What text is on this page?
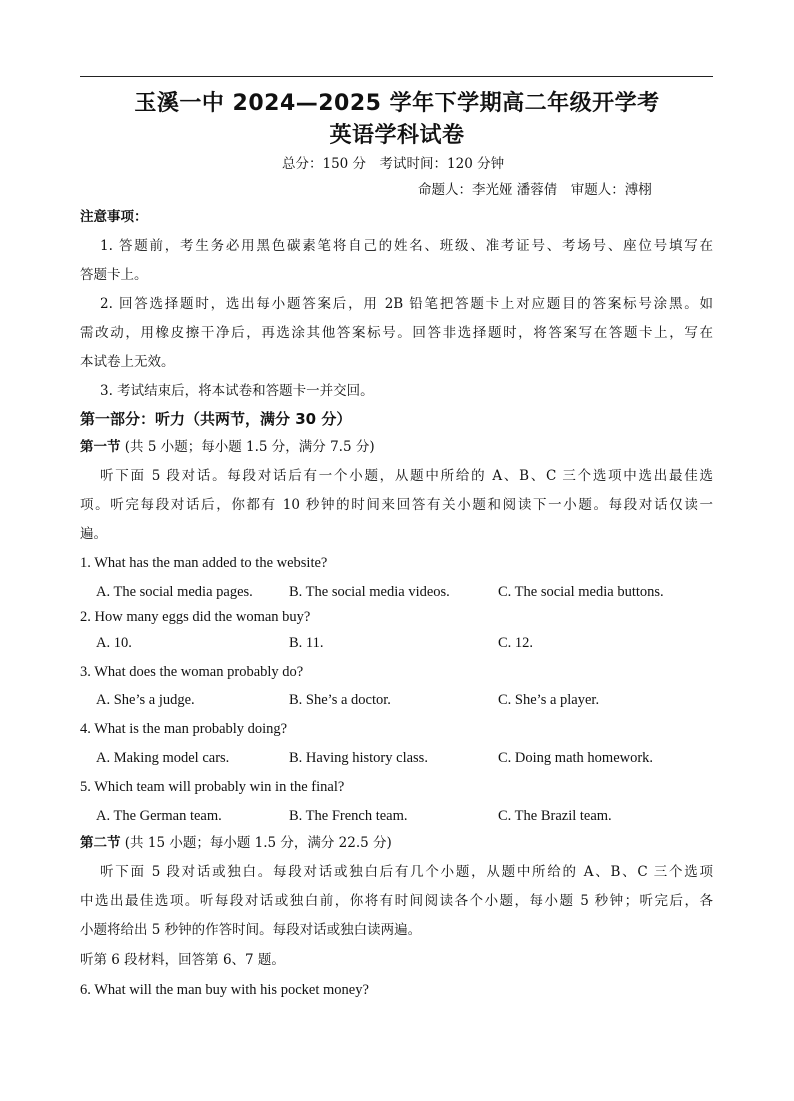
玉溪一中 2024—2025 学年下学期高二年级开学考
英语学科试卷
总分：150 分　考试时间：120 分钟
命题人：李光娅 潘蓉倩　审题人：溥栩
注意事项：
1. 答题前，考生务必用黑色碳素笔将自己的姓名、班级、准考证号、考场号、座位号填写在
答题卡上。
2. 回答选择题时，选出每小题答案后，用 2B 铅笔把答题卡上对应题目的答案标号涂黑。如
需改动，用橡皮擦干净后，再选涂其他答案标号。回答非选择题时，将答案写在答题卡上，写在
本试卷上无效。
3. 考试结束后，将本试卷和答题卡一并交回。
第一部分：听力（共两节，满分 30 分）
第一节 (共 5 小题；每小题 1.5 分，满分 7.5 分)
听下面 5 段对话。每段对话后有一个小题，从题中所给的 A、B、C 三个选项中选出最佳选
项。听完每段对话后，你都有 10 秒钟的时间来回答有关小题和阅读下一小题。每段对话仅读一
遍。
1. What has the man added to the website?
A. The social media pages. B. The social media videos.	C. The social media buttons.
2. How many eggs did the woman buy?
A. 10.	B. 11.	C. 12.
3. What does the woman probably do?
A. She’s a judge.	B. She’s a doctor.	C. She’s a player.
4. What is the man probably doing?
A. Making model cars.	B. Having history class.	C. Doing math homework.
5. Which team will probably win in the final?
A. The German team.	B. The French team.	C. The Brazil team.
第二节 (共 15 小题；每小题 1.5 分，满分 22.5 分)
听下面 5 段对话或独白。每段对话或独白后有几个小题，从题中所给的 A、B、C 三个选项
中选出最佳选项。听每段对话或独白前，你将有时间阅读各个小题，每小题 5 秒钟；听完后，各
小题将给出 5 秒钟的作答时间。每段对话或独白读两遍。
听第 6 段材料，回答第 6、7 题。
6. What will the man buy with his pocket money?
